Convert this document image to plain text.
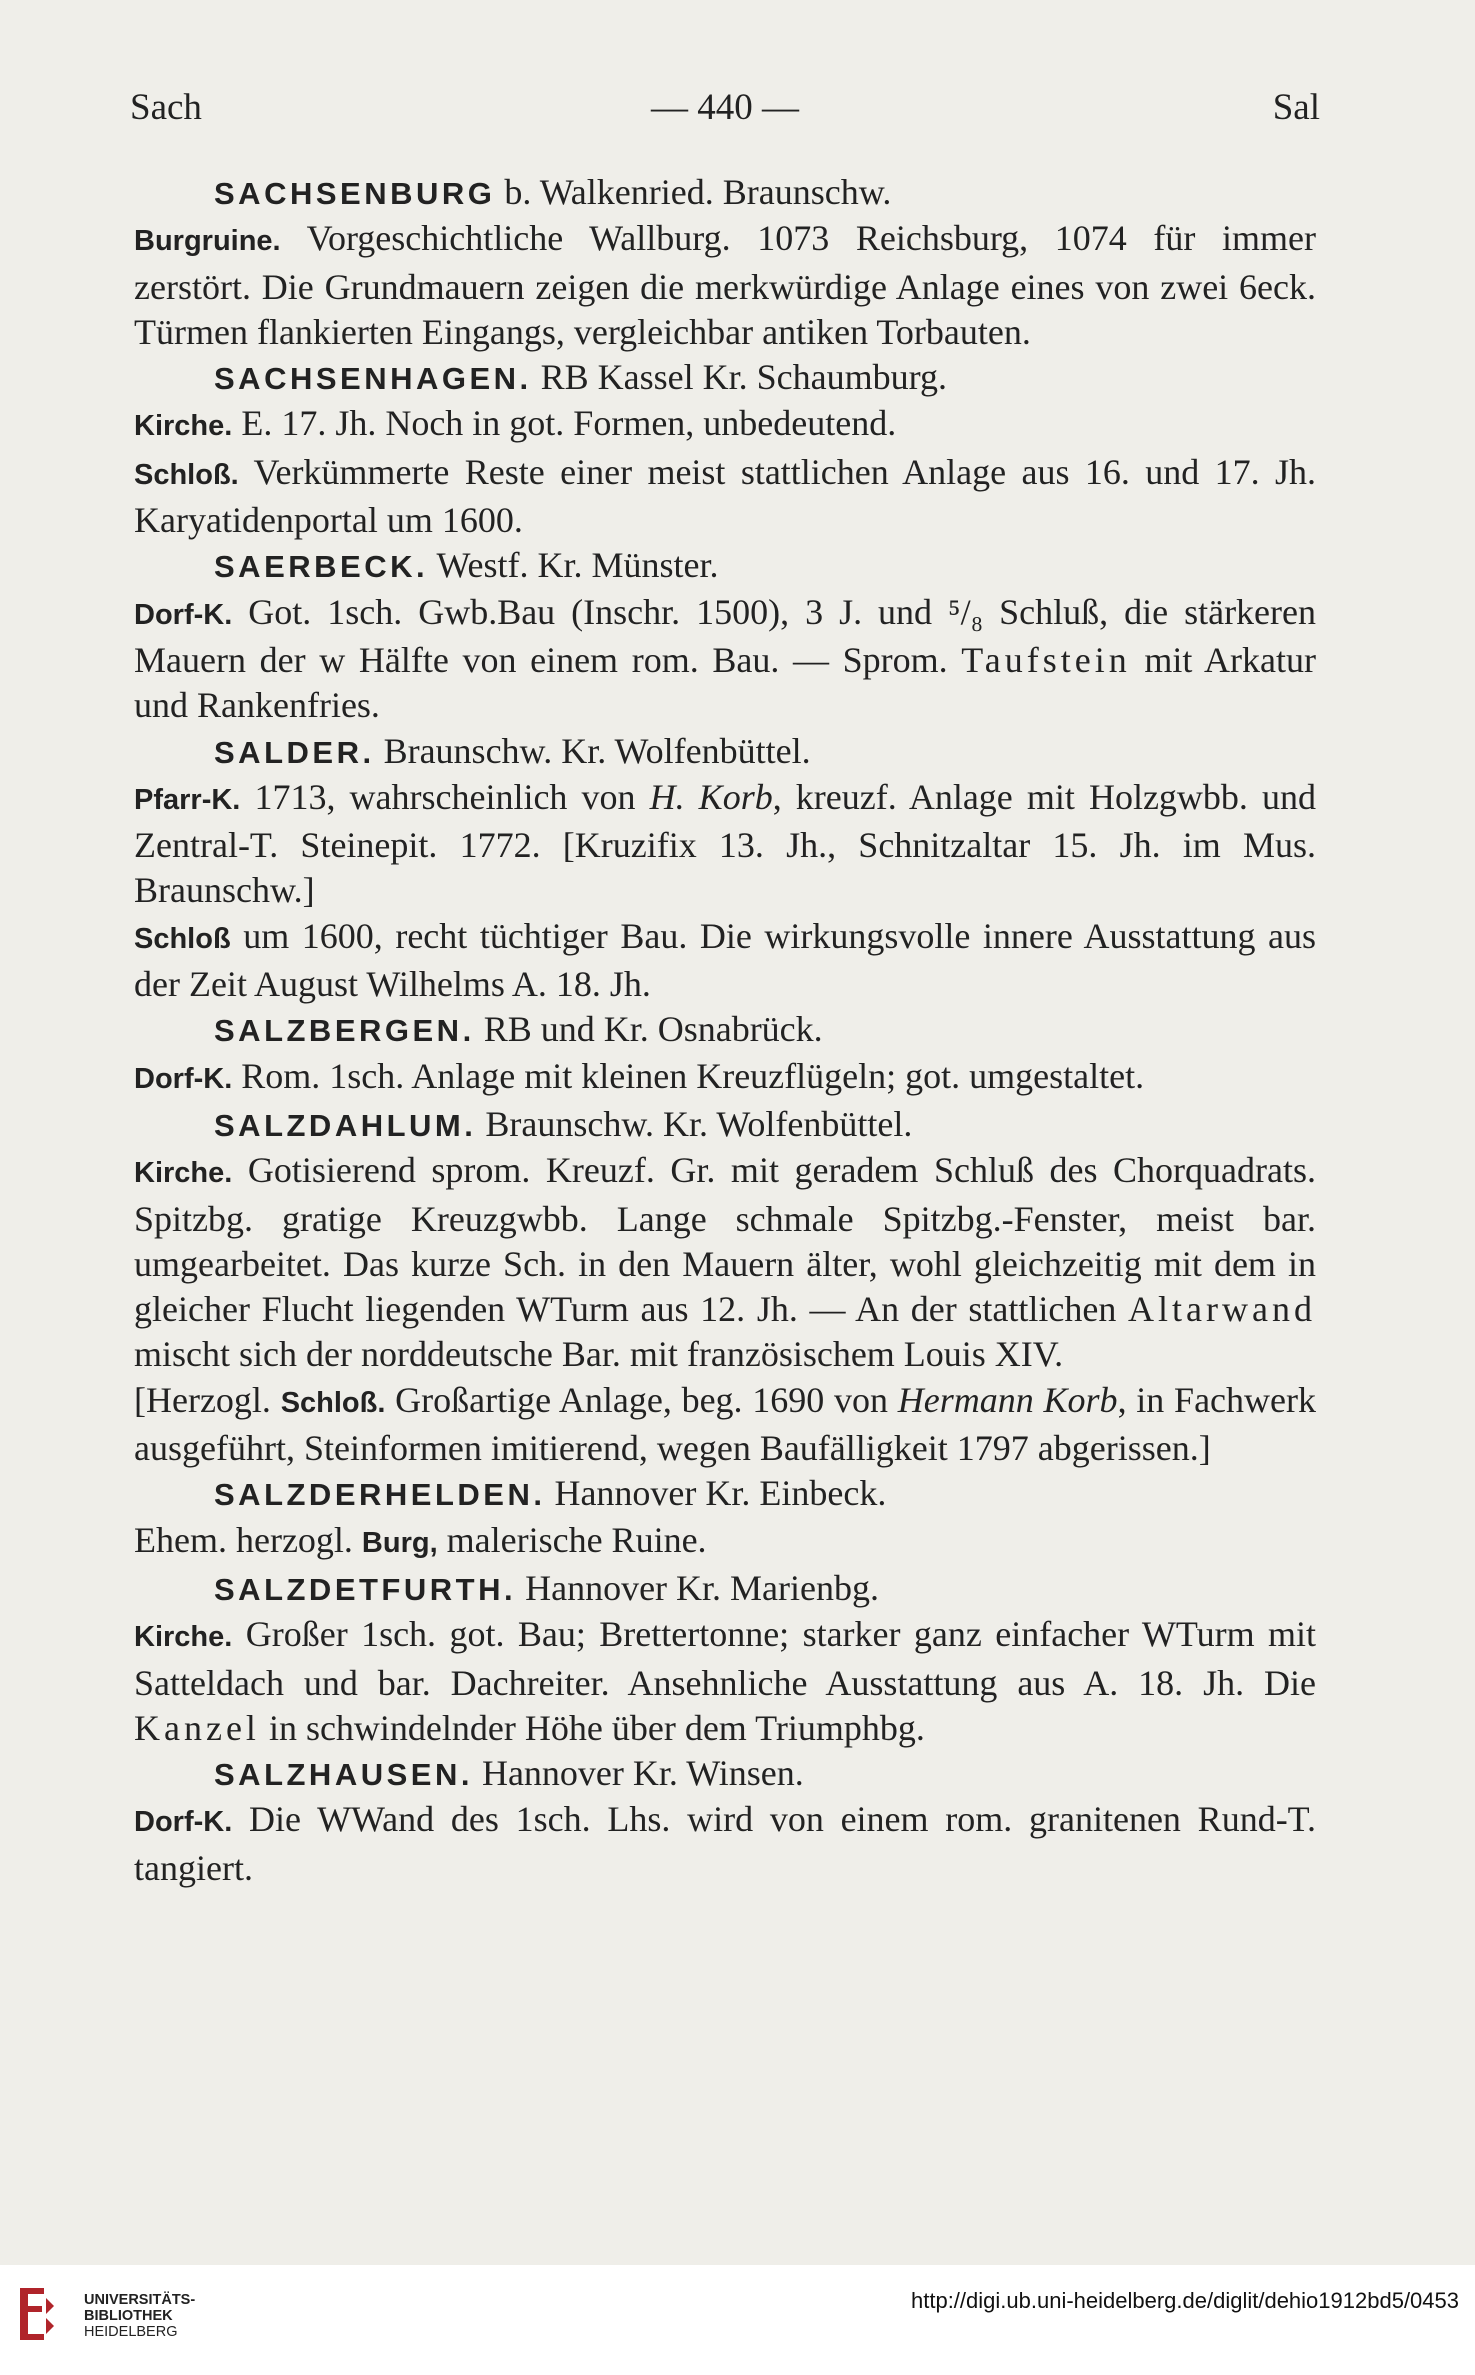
Sach	— 440 —	Sal

SACHSENBURG b. Walkenried. Braunschw.

Burgruine. Vorgeschichtliche Wallburg. 1073 Reichsburg, 1074 für immer zerstört. Die Grundmauern zeigen die merkwürdige Anlage eines von zwei 6eck. Türmen flankierten Eingangs, vergleichbar antiken Torbauten.

SACHSENHAGEN. RB Kassel Kr. Schaumburg.

Kirche. E. 17. Jh. Noch in got. Formen, unbedeutend.

Schloß. Verkümmerte Reste einer meist stattlichen Anlage aus 16. und 17. Jh. Karyatidenportal um 1600.

SAERBECK. Westf. Kr. Münster.

Dorf-K. Got. 1sch. Gwb.Bau (Inschr. 1500), 3 J. und ⁵/₈ Schluß, die stärkeren Mauern der w Hälfte von einem rom. Bau. — Sprom. Taufstein mit Arkatur und Rankenfries.

SALDER. Braunschw. Kr. Wolfenbüttel.

Pfarr-K. 1713, wahrscheinlich von H. Korb, kreuzf. Anlage mit Holzgwbb. und Zentral-T. Steinepit. 1772. [Kruzifix 13. Jh., Schnitzaltar 15. Jh. im Mus. Braunschw.]

Schloß um 1600, recht tüchtiger Bau. Die wirkungsvolle innere Ausstattung aus der Zeit August Wilhelms A. 18. Jh.

SALZBERGEN. RB und Kr. Osnabrück.

Dorf-K. Rom. 1sch. Anlage mit kleinen Kreuzflügeln; got. umgestaltet.

SALZDAHLUM. Braunschw. Kr. Wolfenbüttel.

Kirche. Gotisierend sprom. Kreuzf. Gr. mit geradem Schluß des Chorquadrats. Spitzbg. gratige Kreuzgwbb. Lange schmale Spitzbg.-Fenster, meist bar. umgearbeitet. Das kurze Sch. in den Mauern älter, wohl gleichzeitig mit dem in gleicher Flucht liegenden WTurm aus 12. Jh. — An der stattlichen Altarwand mischt sich der norddeutsche Bar. mit französischem Louis XIV.

[Herzogl. Schloß. Großartige Anlage, beg. 1690 von Hermann Korb, in Fachwerk ausgeführt, Steinformen imitierend, wegen Baufälligkeit 1797 abgerissen.]

SALZDERHELDEN. Hannover Kr. Einbeck.

Ehem. herzogl. Burg, malerische Ruine.

SALZDETFURTH. Hannover Kr. Marienbg.

Kirche. Großer 1sch. got. Bau; Brettertonne; starker ganz einfacher WTurm mit Satteldach und bar. Dachreiter. Ansehnliche Ausstattung aus A. 18. Jh. Die Kanzel in schwindelnder Höhe über dem Triumphbg.

SALZHAUSEN. Hannover Kr. Winsen.

Dorf-K. Die WWand des 1sch. Lhs. wird von einem rom. granitenen Rund-T. tangiert.

UNIVERSITÄTS-
BIBLIOTHEK
HEIDELBERG
http://digi.ub.uni-heidelberg.de/diglit/dehio1912bd5/0453
